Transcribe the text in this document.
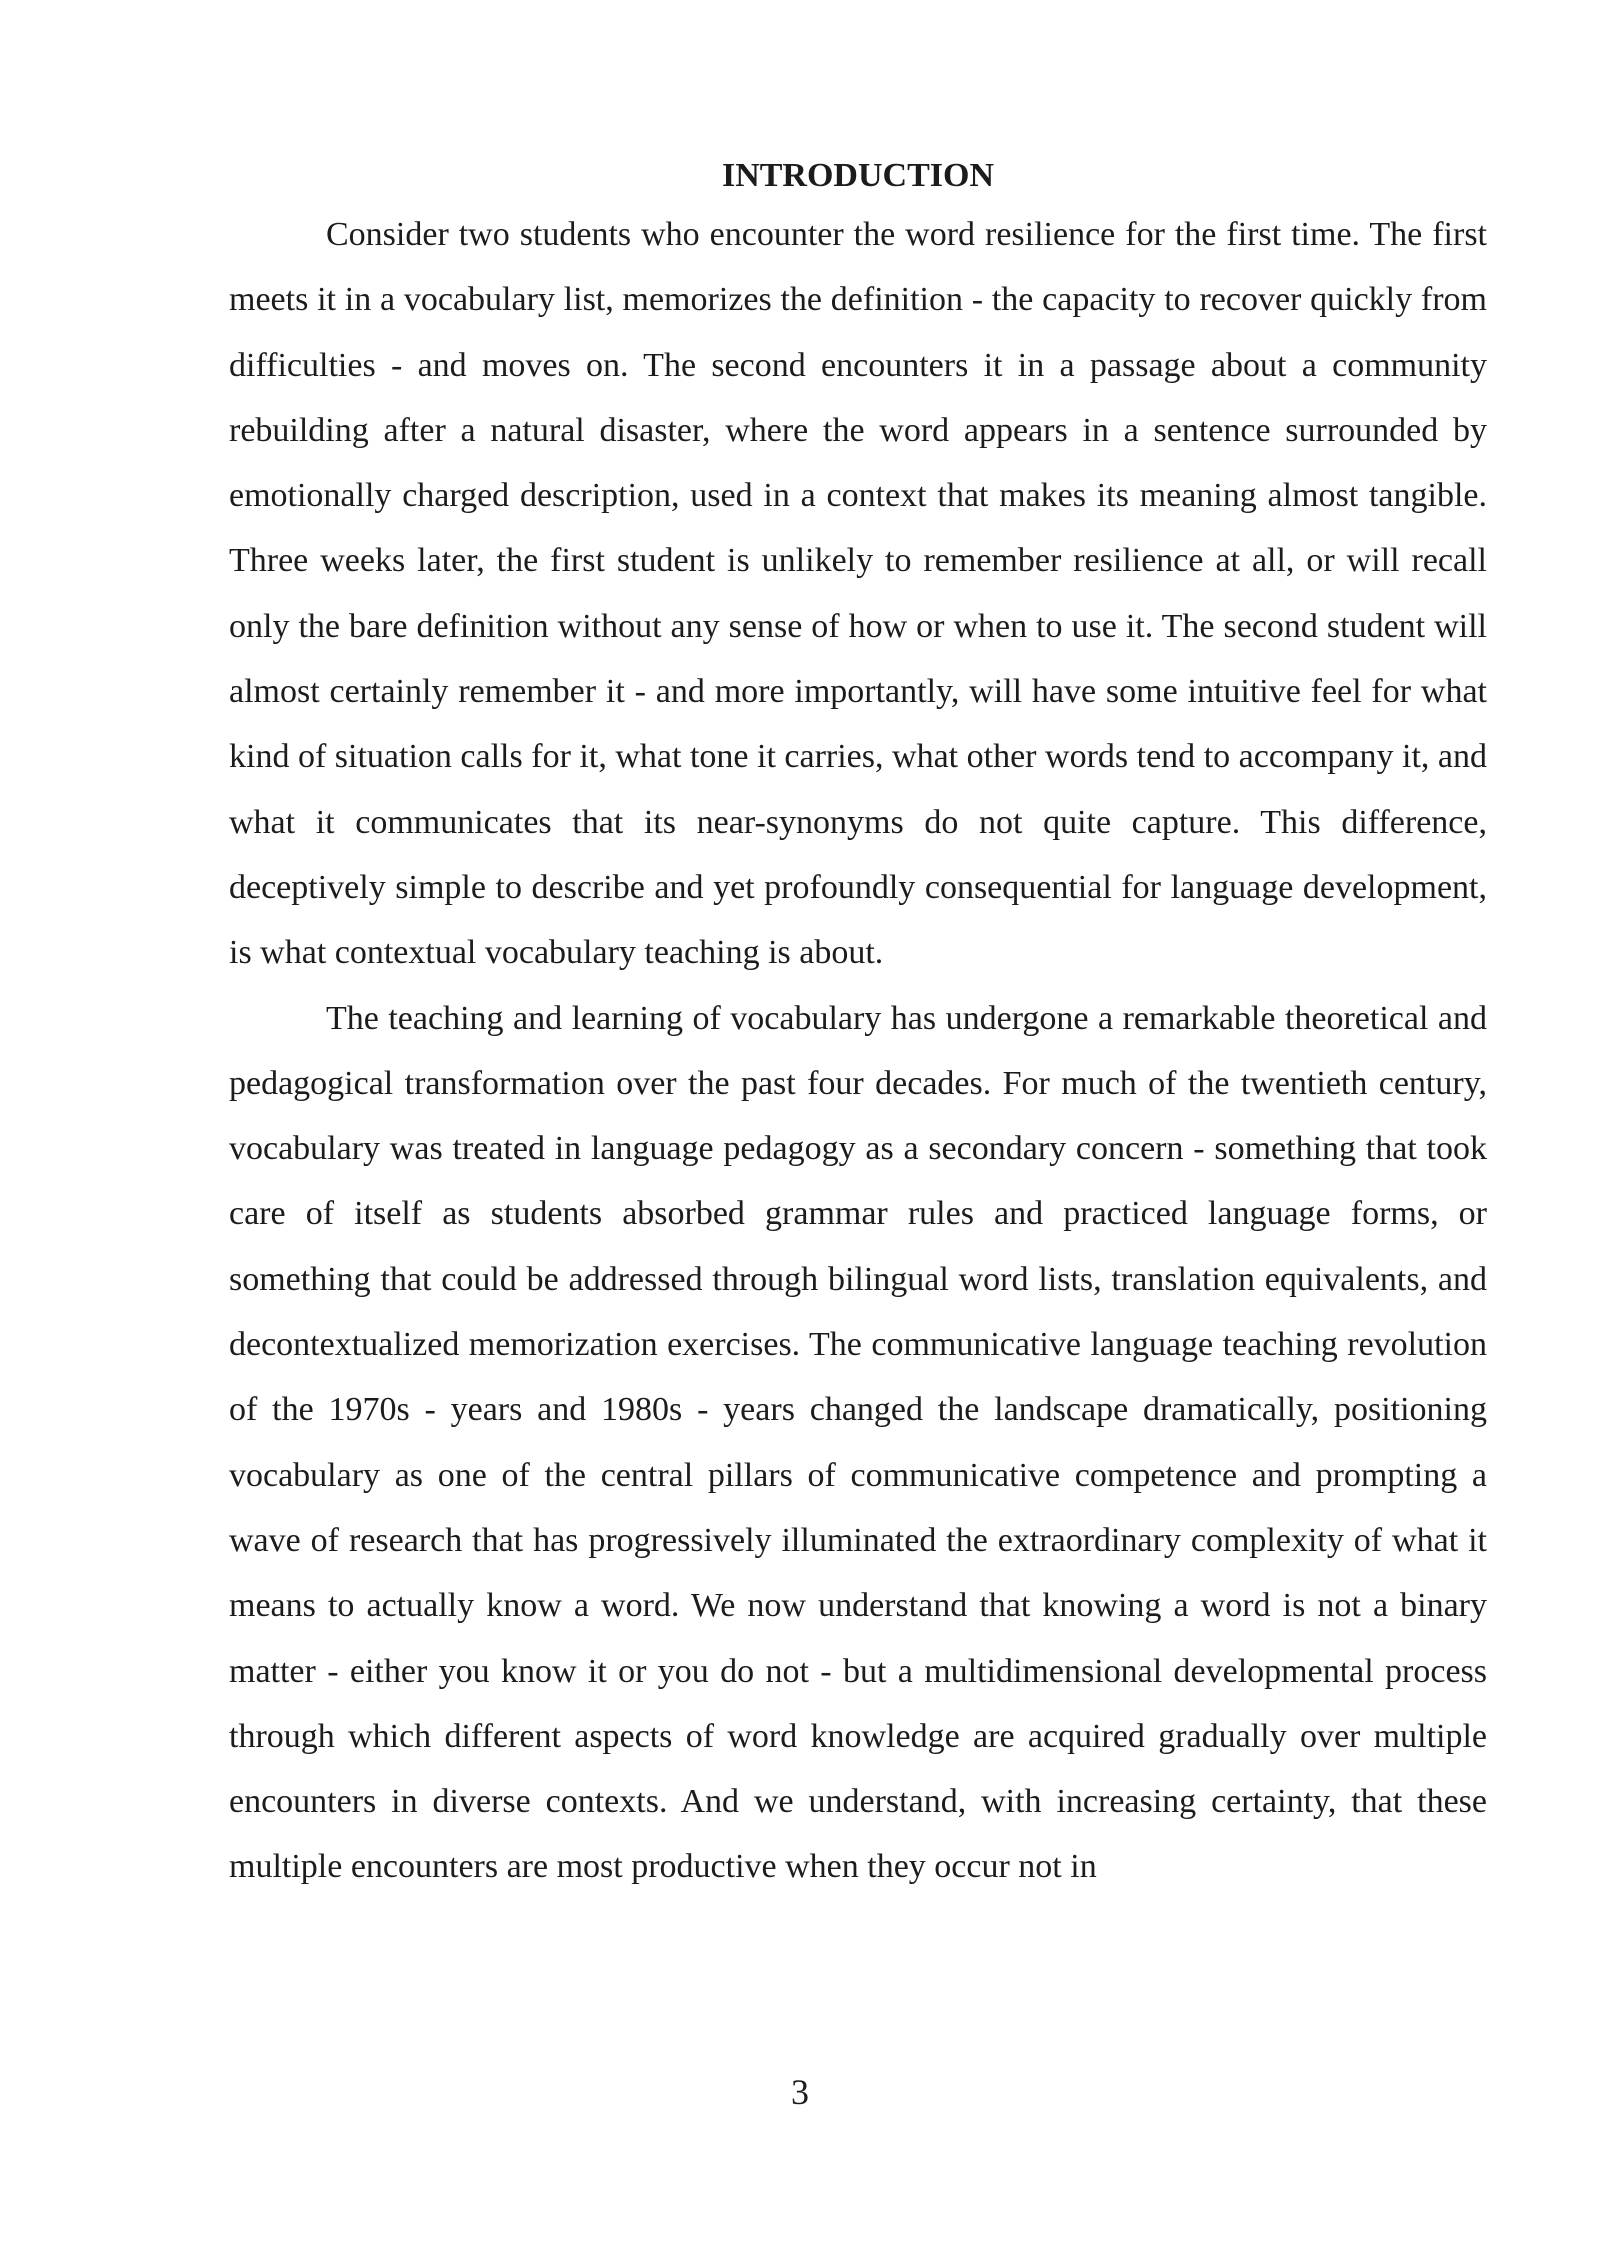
INTRODUCTION

Consider two students who encounter the word resilience for the first time. The first meets it in a vocabulary list, memorizes the definition - the capacity to recover quickly from difficulties - and moves on. The second encounters it in a passage about a community rebuilding after a natural disaster, where the word appears in a sentence surrounded by emotionally charged description, used in a context that makes its meaning almost tangible. Three weeks later, the first student is unlikely to remember resilience at all, or will recall only the bare definition without any sense of how or when to use it. The second student will almost certainly remember it - and more importantly, will have some intuitive feel for what kind of situation calls for it, what tone it carries, what other words tend to accompany it, and what it communicates that its near-synonyms do not quite capture. This difference, deceptively simple to describe and yet profoundly consequential for language development, is what contextual vocabulary teaching is about.

The teaching and learning of vocabulary has undergone a remarkable theoretical and pedagogical transformation over the past four decades. For much of the twentieth century, vocabulary was treated in language pedagogy as a secondary concern - something that took care of itself as students absorbed grammar rules and practiced language forms, or something that could be addressed through bilingual word lists, translation equivalents, and decontextualized memorization exercises. The communicative language teaching revolution of the 1970s - years and 1980s - years changed the landscape dramatically, positioning vocabulary as one of the central pillars of communicative competence and prompting a wave of research that has progressively illuminated the extraordinary complexity of what it means to actually know a word. We now understand that knowing a word is not a binary matter - either you know it or you do not - but a multidimensional developmental process through which different aspects of word knowledge are acquired gradually over multiple encounters in diverse contexts. And we understand, with increasing certainty, that these multiple encounters are most productive when they occur not in

3
